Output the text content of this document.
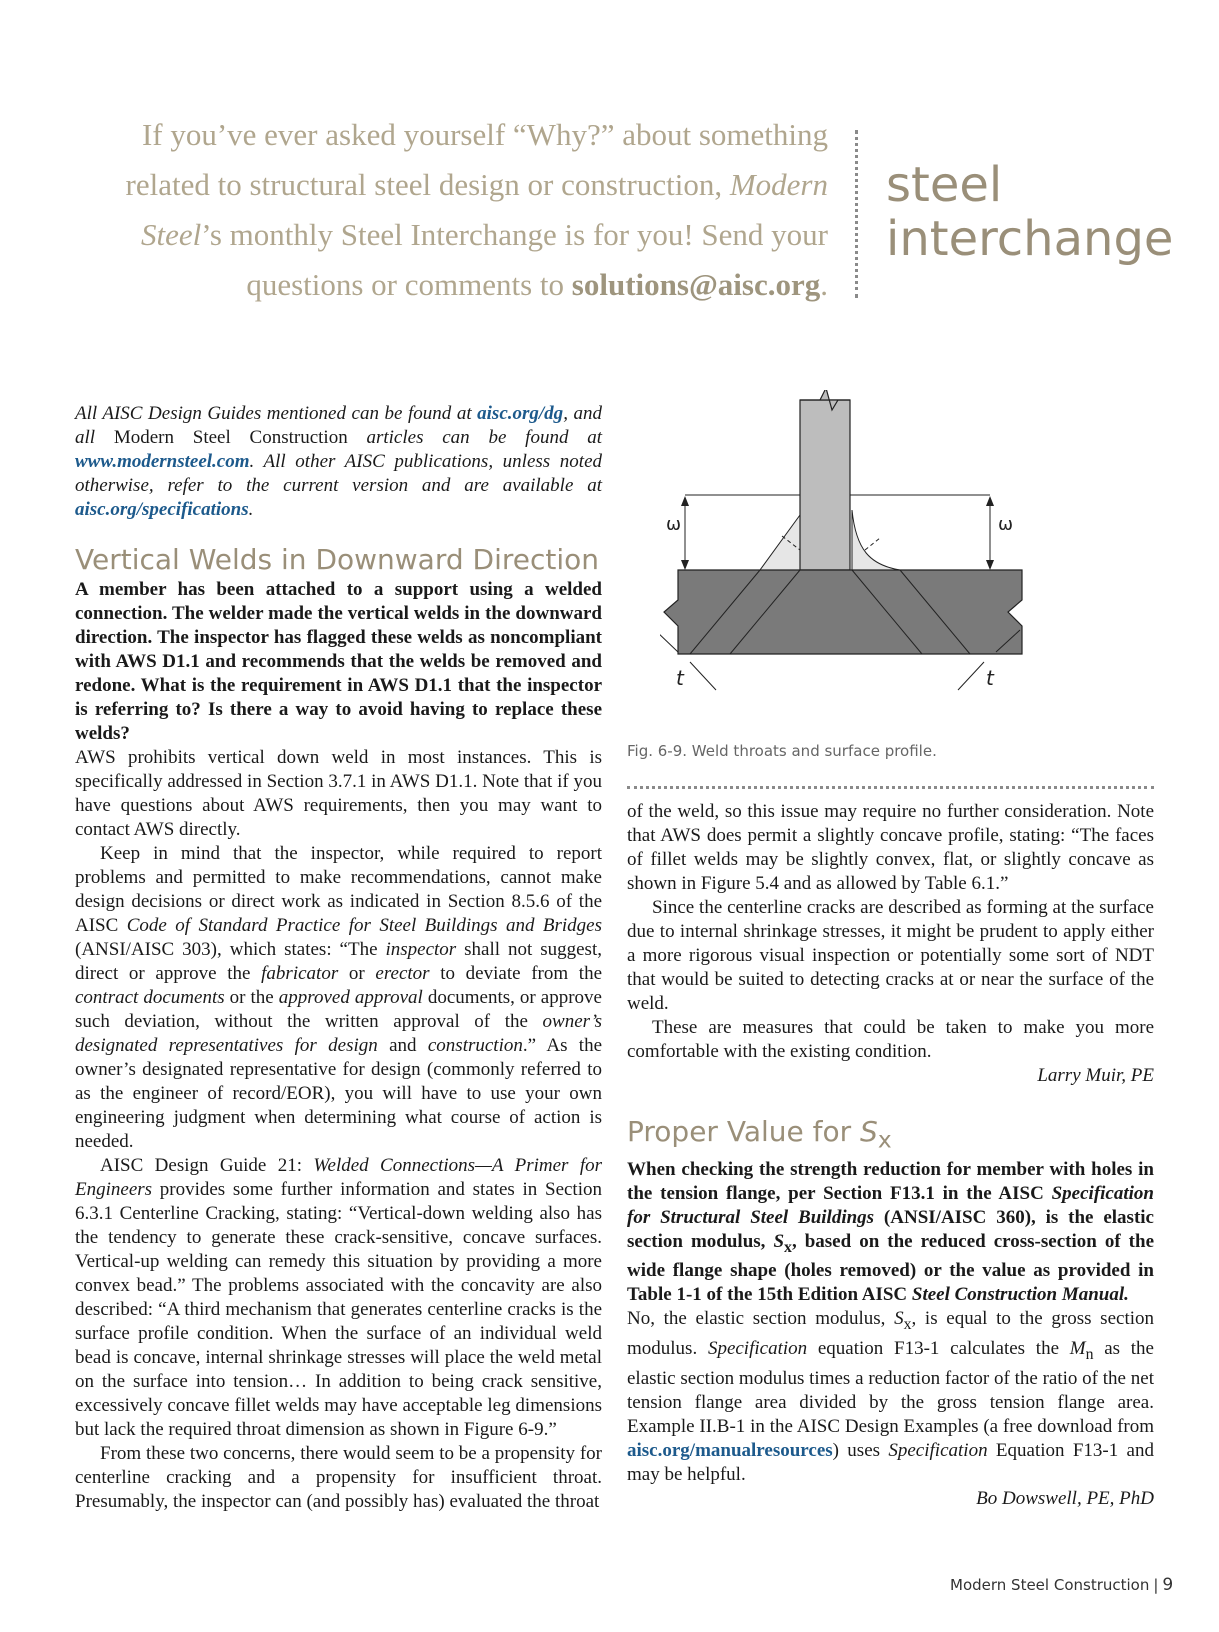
If you’ve ever asked yourself “Why?” about something
related to structural steel design or construction, Modern
Steel’s monthly Steel Interchange is for you! Send your
questions or comments to solutions@aisc.org.
steel
interchange

All AISC Design Guides mentioned can be found at aisc.org/dg, and all Modern Steel Construction articles can be found at www.modernsteel.com. All other AISC publications, unless noted otherwise, refer to the current version and are available at aisc.org/specifications.

Vertical Welds in Downward Direction

A member has been attached to a support using a welded connection. The welder made the vertical welds in the downward direction. The inspector has flagged these welds as noncompliant with AWS D1.1 and recommends that the welds be removed and redone. What is the requirement in AWS D1.1 that the inspector is referring to? Is there a way to avoid having to replace these welds?

AWS prohibits vertical down weld in most instances. This is specifically addressed in Section 3.7.1 in AWS D1.1. Note that if you have questions about AWS requirements, then you may want to contact AWS directly.

Keep in mind that the inspector, while required to report problems and permitted to make recommendations, cannot make design decisions or direct work as indicated in Section 8.5.6 of the AISC Code of Standard Practice for Steel Buildings and Bridges (ANSI/AISC 303), which states: “The inspector shall not suggest, direct or approve the fabricator or erector to deviate from the contract documents or the approved approval documents, or approve such deviation, without the written approval of the owner’s designated representatives for design and construction.” As the owner’s designated representative for design (commonly referred to as the engineer of record/EOR), you will have to use your own engineering judgment when determining what course of action is needed.

AISC Design Guide 21: Welded Connections—A Primer for Engineers provides some further information and states in Section 6.3.1 Centerline Cracking, stating: “Vertical-down welding also has the tendency to generate these crack-sensitive, concave surfaces. Vertical-up welding can remedy this situation by providing a more convex bead.” The problems associated with the concavity are also described: “A third mechanism that generates centerline cracks is the surface profile condition. When the surface of an individual weld bead is concave, internal shrinkage stresses will place the weld metal on the surface into tension… In addition to being crack sensitive, excessively concave fillet welds may have acceptable leg dimensions but lack the required throat dimension as shown in Figure 6-9.”

From these two concerns, there would seem to be a propensity for centerline cracking and a propensity for insufficient throat. Presumably, the inspector can (and possibly has) evaluated the throat

ω	ω
t	t
Fig. 6-9. Weld throats and surface profile.

of the weld, so this issue may require no further consideration. Note that AWS does permit a slightly concave profile, stating: “The faces of fillet welds may be slightly convex, flat, or slightly concave as shown in Figure 5.4 and as allowed by Table 6.1.”

Since the centerline cracks are described as forming at the surface due to internal shrinkage stresses, it might be prudent to apply either a more rigorous visual inspection or potentially some sort of NDT that would be suited to detecting cracks at or near the surface of the weld.

These are measures that could be taken to make you more comfortable with the existing condition.

Larry Muir, PE

Proper Value for $S_x$

When checking the strength reduction for member with holes in the tension flange, per Section F13.1 in the AISC Specification for Structural Steel Buildings (ANSI/AISC 360), is the elastic section modulus, $S_x$, based on the reduced cross-section of the wide flange shape (holes removed) or the value as provided in Table 1-1 of the 15th Edition AISC Steel Construction Manual.

No, the elastic section modulus, $S_x$, is equal to the gross section modulus. Specification equation F13-1 calculates the $M_n$ as the elastic section modulus times a reduction factor of the ratio of the net tension flange area divided by the gross tension flange area. Example II.B-1 in the AISC Design Examples (a free download from aisc.org/manualresources) uses Specification Equation F13-1 and may be helpful.

Bo Dowswell, PE, PhD

Modern Steel Construction | 9
